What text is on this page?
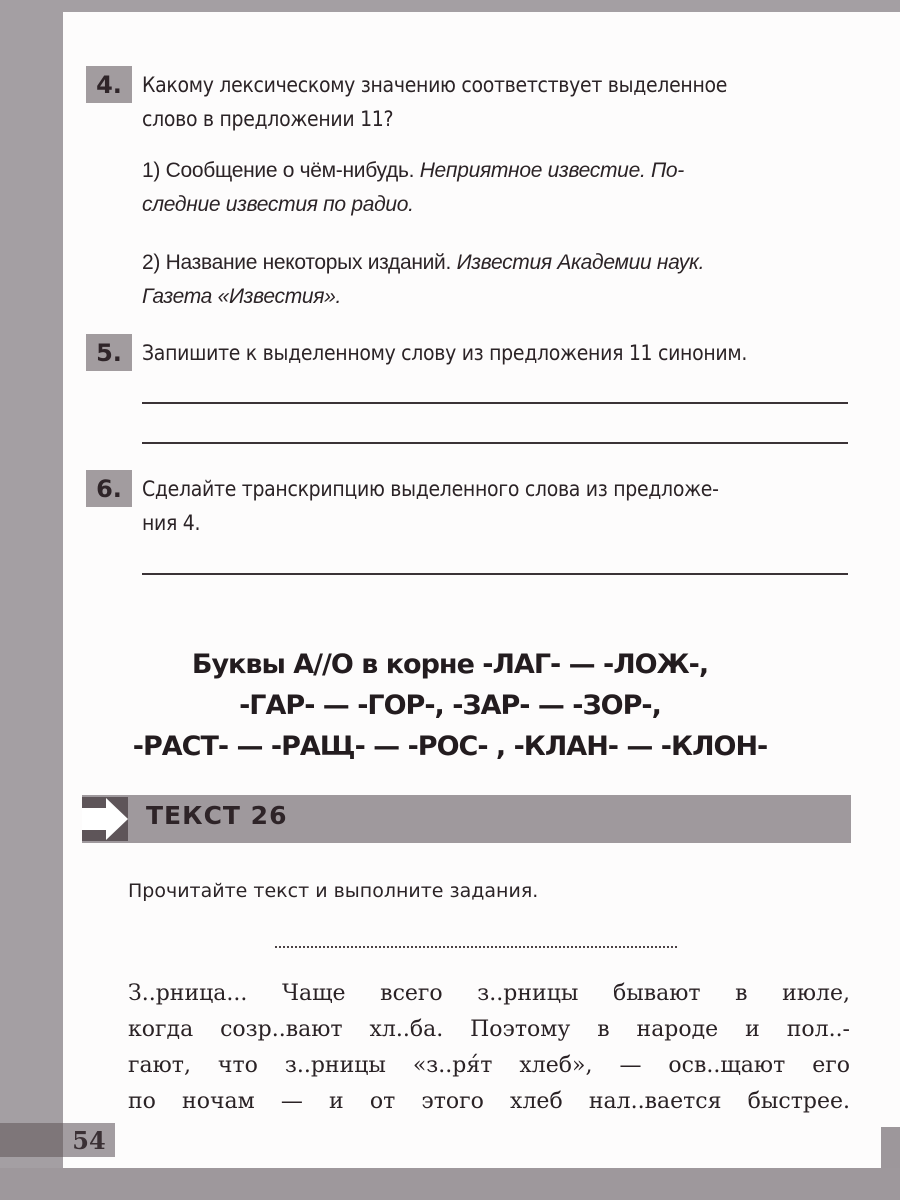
54
4. Какому лексическому значению соответствует выделенное
слово в предложении 11?
1) Сообщение о чём-нибудь. Неприятное известие. По-
следние известия по радио.
2) Название некоторых изданий. Известия Академии наук.
Газета «Известия».
5. Запишите к выделенному слову из предложения 11 синоним.
6. Сделайте транскрипцию выделенного слова из предложе-
ния 4.
Буквы А//О в корне -ЛАГ- — -ЛОЖ-,
-ГАР- — -ГОР-, -ЗАР- — -ЗОР-,
-РАСТ- — -РАЩ- — -РОС- , -КЛАН- — -КЛОН-
ТЕКСТ 26
Прочитайте текст и выполните задания.
З..рница... Чаще всего з..рницы бывают в июле,
когда созр..вают хл..ба. Поэтому в народе и пол..-
гают, что з..рницы «з..ря́т хлеб», — осв..щают его
по ночам — и от этого хлеб нал..вается быстрее.
